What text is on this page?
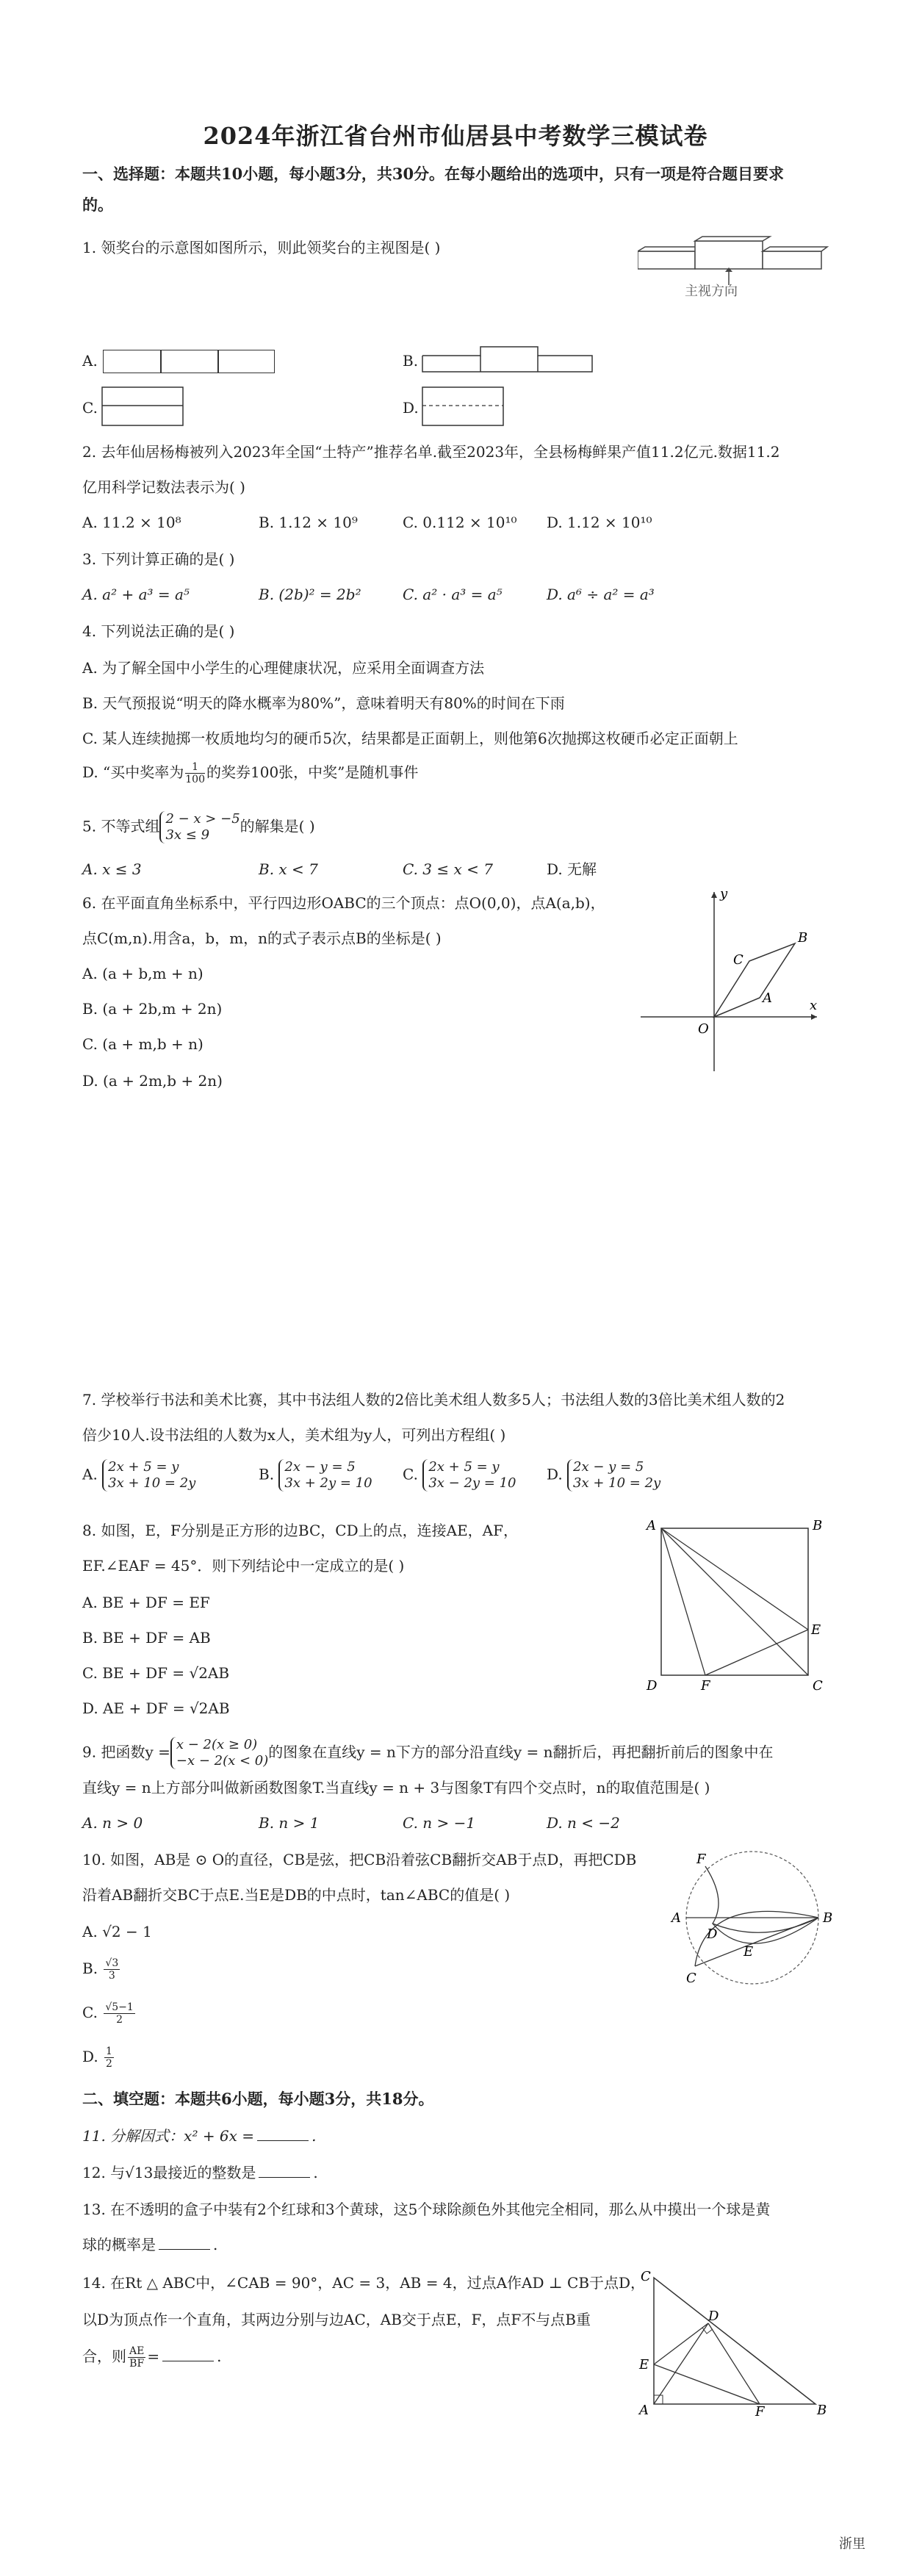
2024年浙江省台州市仙居县中考数学三模试卷
一、选择题：本题共10小题，每小题3分，共30分。在每小题给出的选项中，只有一项是符合题目要求
的。
1. 领奖台的示意图如图所示，则此领奖台的主视图是( )
主视方向
A.	B.
C.	D.
2. 去年仙居杨梅被列入2023年全国“土特产”推荐名单.截至2023年，全县杨梅鲜果产值11.2亿元.数据11.2
亿用科学记数法表示为( )
A. 11.2 × 10⁸	B. 1.12 × 10⁹	C. 0.112 × 10¹⁰ D. 1.12 × 10¹⁰
3. 下列计算正确的是( )
A. a² + a³ = a⁵	B. (2b)² = 2b²	C. a² · a³ = a⁵	D. a⁶ ÷ a² = a³
4. 下列说法正确的是( )
A. 为了解全国中小学生的心理健康状况，应采用全面调查方法
B. 天气预报说“明天的降水概率为80%”，意味着明天有80%的时间在下雨
C. 某人连续抛掷一枚质地均匀的硬币5次，结果都是正面朝上，则他第6次抛掷这枚硬币必定正面朝上
D. “买中奖率为 $\frac{1}{100}$ 的奖券100张，中奖”是随机事件
5. 不等式组 2 − x > −5
3x ≤ 9	的解集是( )
A. x ≤ 3	B. x < 7	C. 3 ≤ x < 7	D. 无解
6. 在平面直角坐标系中，平行四边形OABC的三个顶点：点O(0,0)，点A(a,b)，
点C(m,n).用含a，b，m，n的式子表示点B的坐标是( )
A. (a + b,m + n)
B. (a + 2b,m + 2n)
C. (a + m,b + n)
D. (a + 2m,b + 2n)
y
x
O
A
B
C
7. 学校举行书法和美术比赛，其中书法组人数的2倍比美术组人数多5人；书法组人数的3倍比美术组人数的2
倍少10人.设书法组的人数为x人，美术组为y人，可列出方程组( )
A. 2x + 5 = y
3x + 10 = 2y	B. 2x − y = 5
3x + 2y = 10 C. 2x + 5 = y
3x − 2y = 10 D. 2x − y = 5
3x + 10 = 2y
8. 如图，E，F分别是正方形的边BC，CD上的点，连接AE，AF，
EF.∠EAF = 45°．则下列结论中一定成立的是( )
A. BE + DF = EF
B. BE + DF = AB
C. BE + DF = √2AB
D. AE + DF = √2AB
A	B
C
D
E
F
9. 把函数y = x − 2(x ≥ 0)
−x − 2(x < 0) 的图象在直线y = n下方的部分沿直线y = n翻折后，再把翻折前后的图象中在
直线y = n上方部分叫做新函数图象T.当直线y = n + 3与图象T有四个交点时，n的取值范围是( )
A. n > 0	B. n > 1	C. n > −1	D. n < −2
10. 如图，AB是 ⊙ O的直径，CB是弦，把CB沿着弦CB翻折交AB于点D，再把CDB
沿着AB翻折交BC于点E.当E是DB的中点时，tan∠ABC的值是( )
A. √2 − 1
B. $\frac{√3}{3}$
C. $\frac{√5-1}{2}$
D. $\frac{1}{2}$
A	B
C
D
E
F
二、填空题：本题共6小题，每小题3分，共18分。
11. 分解因式：x² + 6x =	.
12. 与√13最接近的整数是	.
13. 在不透明的盒子中装有2个红球和3个黄球，这5个球除颜色外其他完全相同，那么从中摸出一个球是黄
球的概率是	.
14. 在Rt △ ABC中，∠CAB = 90°，AC = 3，AB = 4，过点A作AD ⊥ CB于点D，
以D为顶点作一个直角，其两边分别与边AC，AB交于点E，F，点F不与点B重
合，则 $\frac{AE}{BF}$ =	.
C
D
E
A	F	B
浙里
